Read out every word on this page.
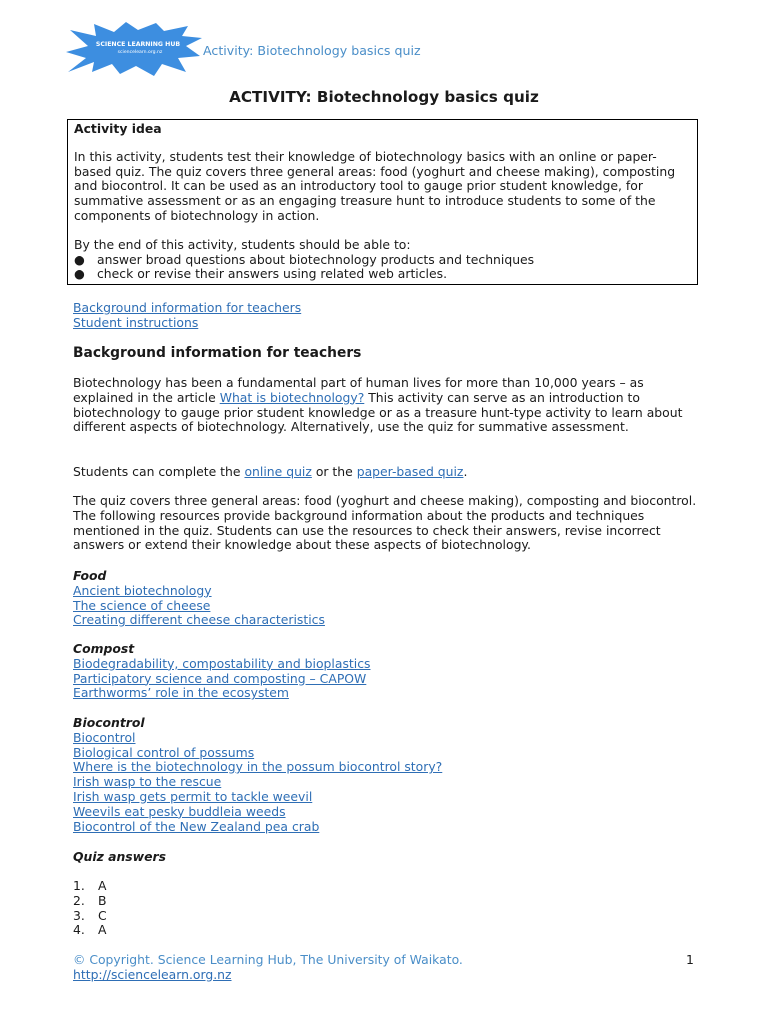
SCIENCE LEARNING HUB
sciencelearn.org.nz	Activity: Biotechnology basics quiz
ACTIVITY: Biotechnology basics quiz

Activity idea

In this activity, students test their knowledge of biotechnology basics with an online or paper-based quiz. The quiz covers three general areas: food (yoghurt and cheese making), composting and biocontrol. It can be used as an introductory tool to gauge prior student knowledge, for summative assessment or as an engaging treasure hunt to introduce students to some of the components of biotechnology in action.

By the end of this activity, students should be able to:

● answer broad questions about biotechnology products and techniques

● check or revise their answers using related web articles.

Background information for teachers

Student instructions

Background information for teachers

Biotechnology has been a fundamental part of human lives for more than 10,000 years – as explained in the article What is biotechnology? This activity can serve as an introduction to biotechnology to gauge prior student knowledge or as a treasure hunt-type activity to learn about different aspects of biotechnology. Alternatively, use the quiz for summative assessment.

Students can complete the online quiz or the paper-based quiz.

The quiz covers three general areas: food (yoghurt and cheese making), composting and biocontrol. The following resources provide background information about the products and techniques mentioned in the quiz. Students can use the resources to check their answers, revise incorrect answers or extend their knowledge about these aspects of biotechnology.

Food

Ancient biotechnology

The science of cheese

Creating different cheese characteristics

Compost

Biodegradability, compostability and bioplastics

Participatory science and composting – CAPOW

Earthworms’ role in the ecosystem

Biocontrol

Biocontrol

Biological control of possums

Where is the biotechnology in the possum biocontrol story?

Irish wasp to the rescue

Irish wasp gets permit to tackle weevil

Weevils eat pesky buddleia weeds

Biocontrol of the New Zealand pea crab

Quiz answers

1. A

2. B

3. C

4. A

© Copyright. Science Learning Hub, The University of Waikato.
http://sciencelearn.org.nz
1
